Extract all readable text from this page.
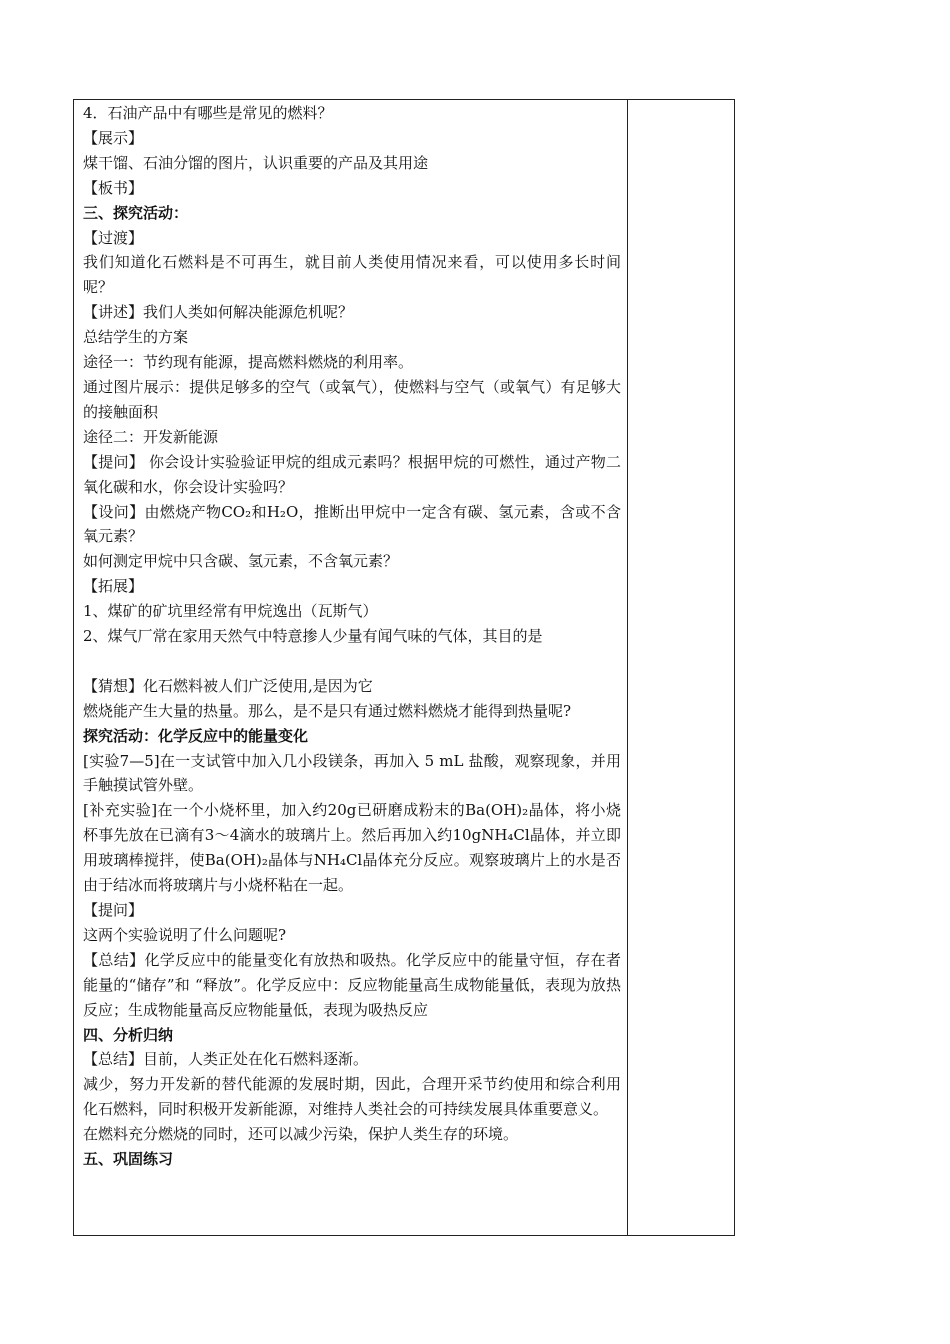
4．石油产品中有哪些是常见的燃料？

【展示】

煤干馏、石油分馏的图片，认识重要的产品及其用途

【板书】

三、探究活动：

【过渡】

我们知道化石燃料是不可再生，就目前人类使用情况来看，可以使用多长时间呢？

【讲述】我们人类如何解决能源危机呢？

总结学生的方案

途径一：节约现有能源，提高燃料燃烧的利用率。

通过图片展示：提供足够多的空气（或氧气），使燃料与空气（或氧气）有足够大的接触面积

途径二：开发新能源

【提问】 你会设计实验验证甲烷的组成元素吗？根据甲烷的可燃性，通过产物二氧化碳和水，你会设计实验吗？

【设问】由燃烧产物CO₂和H₂O，推断出甲烷中一定含有碳、氢元素，含或不含氧元素？

如何测定甲烷中只含碳、氢元素，不含氧元素？

【拓展】

1、煤矿的矿坑里经常有甲烷逸出（瓦斯气）

2、煤气厂常在家用天然气中特意掺人少量有闻气味的气体，其目的是

【猜想】化石燃料被人们广泛使用,是因为它

燃烧能产生大量的热量。那么，是不是只有通过燃料燃烧才能得到热量呢?

探究活动：化学反应中的能量变化

[实验7—5]在一支试管中加入几小段镁条，再加入 5 mL 盐酸，观察现象，并用手触摸试管外壁。

[补充实验]在一个小烧杯里，加入约20g已研磨成粉末的Ba(OH)₂晶体，将小烧杯事先放在已滴有3～4滴水的玻璃片上。然后再加入约10gNH₄Cl晶体，并立即用玻璃棒搅拌，使Ba(OH)₂晶体与NH₄Cl晶体充分反应。观察玻璃片上的水是否由于结冰而将玻璃片与小烧杯粘在一起。

【提问】

这两个实验说明了什么问题呢?

【总结】化学反应中的能量变化有放热和吸热。化学反应中的能量守恒，存在者能量的“储存”和 “释放”。化学反应中：反应物能量高生成物能量低，表现为放热反应；生成物能量高反应物能量低，表现为吸热反应

四、分析归纳

【总结】目前，人类正处在化石燃料逐渐。

减少，努力开发新的替代能源的发展时期，因此，合理开采节约使用和综合利用化石燃料，同时积极开发新能源，对维持人类社会的可持续发展具体重要意义。

在燃料充分燃烧的同时，还可以减少污染，保护人类生存的环境。

五、巩固练习
